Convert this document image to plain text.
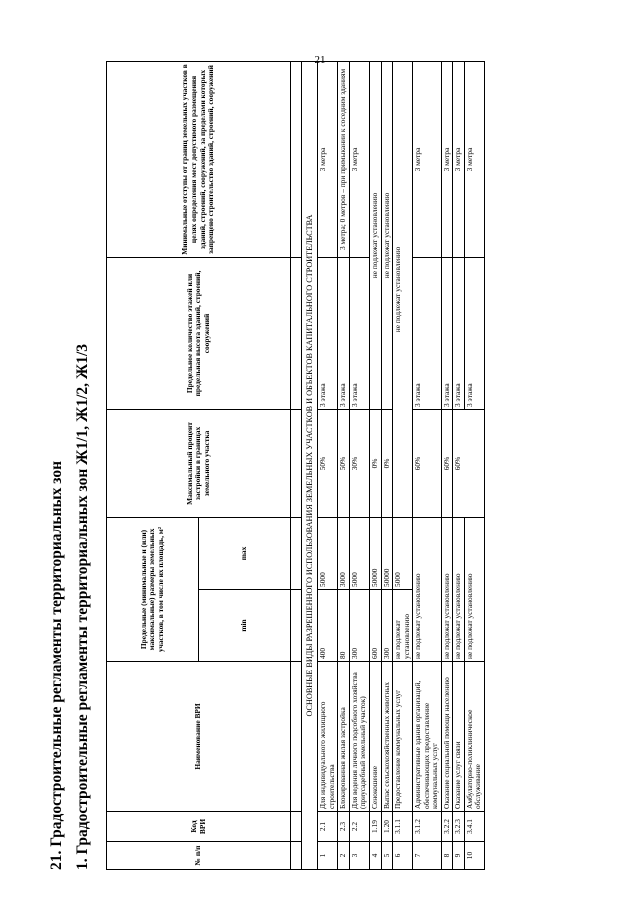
21
21. Градостроительные регламенты территориальных зон 1. Градостроительные регламенты территориальных зон Ж1/1, Ж1/2, Ж1/3	№ п/п	Код ВРИ	Наименование ВРИ	Предельные (минимальные и (или) максимальные) размеры земельных участков, в том числе их площадь, м²		Максимальный процент застройки в границах земельного участка	Предельное количество этажей или предельная высота зданий, строений, сооружений	Минимальные отступы от границ земельных участков в целях определения мест допустимого размещения зданий, строений, сооружений, за пределами которых запрещено строительство зданий, строений, сооружений
			min	max			

ОСНОВНЫЕ ВИДЫ РАЗРЕШЕННОГО ИСПОЛЬЗОВАНИЯ ЗЕМЕЛЬНЫХ УЧАСТКОВ И ОБЪЕКТОВ КАПИТАЛЬНОГО СТРОИТЕЛЬСТВА							
1	2.1	Для индивидуального жилищного строительства	400	5000	50%	3 этажа	3 метра
2	2.3	Блокированная жилая застройка	80	3000	50%	3 этажа	3 метра; 0 метров – при примыкании к соседним зданиям
3	2.2	Для ведения личного подсобного хозяйства (приусадебный земельный участок)	300	5000	30%	3 этажа	3 метра
4	1.19	Сенокошение	600	50000	0%	не подлежат установлению	
5	1.20	Выпас сельскохозяйственных животных	300	50000	0%	не подлежат установлению	
6	3.1.1	Предоставление коммунальных услуг	не подлежат установлению	5000	не подлежат установлению		
7	3.1.2	Административные здания организаций, обеспечивающих предоставление коммунальных услуг	не подлежат установлению		60%	3 этажа	3 метра
8	3.2.2	Оказание социальной помощи населению	не подлежат установлению		60%	3 этажа	3 метра
9	3.2.3	Оказание услуг связи	не подлежат установлению		60%	3 этажа	3 метра
10	3.4.1	Амбулаторно-поликлиническое обслуживание	не подлежат установлению			3 этажа	3 метра
